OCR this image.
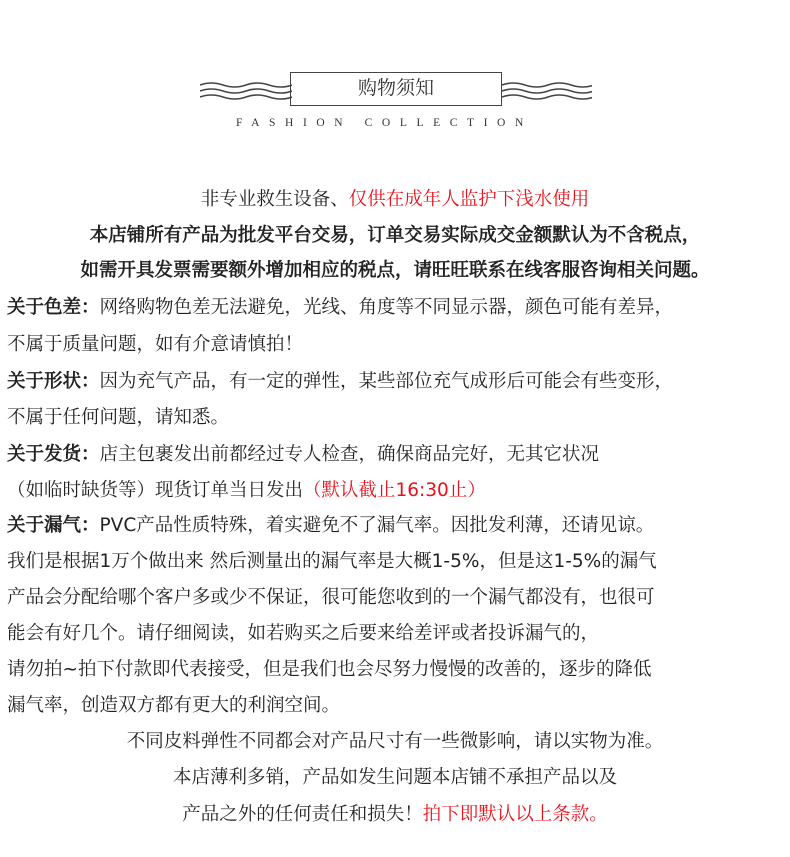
购物须知
FASHION COLLECTION
非专业救生设备、仅供在成年人监护下浅水使用
本店铺所有产品为批发平台交易，订单交易实际成交金额默认为不含税点，
如需开具发票需要额外增加相应的税点，请旺旺联系在线客服咨询相关问题。
关于色差：网络购物色差无法避免，光线、角度等不同显示器，颜色可能有差异，
不属于质量问题，如有介意请慎拍！
关于形状：因为充气产品，有一定的弹性，某些部位充气成形后可能会有些变形，
不属于任何问题，请知悉。
关于发货：店主包裹发出前都经过专人检查，确保商品完好，无其它状况
（如临时缺货等）现货订单当日发出（默认截止16:30止）
关于漏气：PVC产品性质特殊，着实避免不了漏气率。因批发利薄，还请见谅。
我们是根据1万个做出来 然后测量出的漏气率是大概1-5%，但是这1-5%的漏气
产品会分配给哪个客户多或少不保证，很可能您收到的一个漏气都没有，也很可
能会有好几个。请仔细阅读，如若购买之后要来给差评或者投诉漏气的，
请勿拍~拍下付款即代表接受，但是我们也会尽努力慢慢的改善的，逐步的降低
漏气率，创造双方都有更大的利润空间。
不同皮料弹性不同都会对产品尺寸有一些微影响，请以实物为准。
本店薄利多销，产品如发生问题本店铺不承担产品以及
产品之外的任何责任和损失！拍下即默认以上条款。
